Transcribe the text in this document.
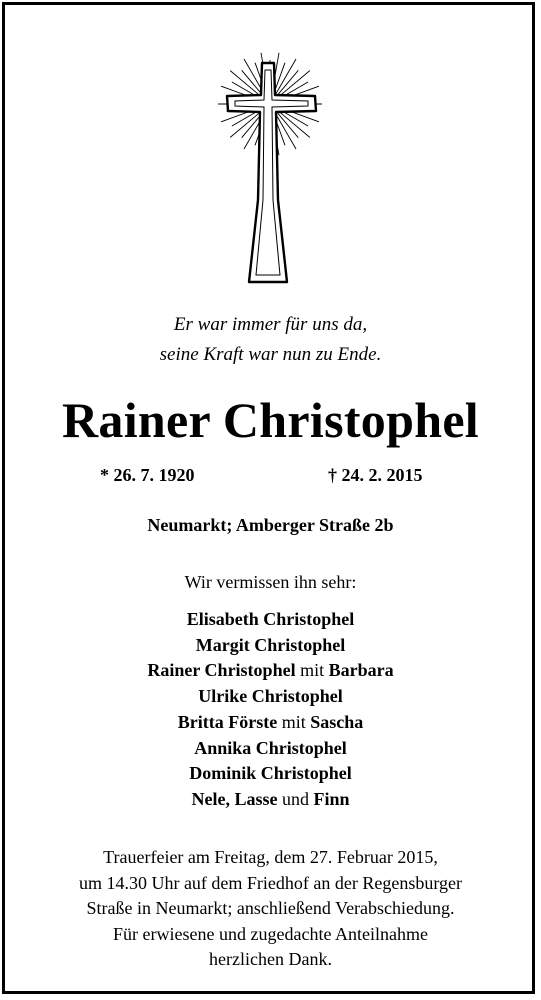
Er war immer für uns da,
seine Kraft war nun zu Ende.
Rainer Christophel
* 26. 7. 1920	† 24. 2. 2015
Neumarkt; Amberger Straße 2b
Wir vermissen ihn sehr:
Elisabeth Christophel
Margit Christophel
Rainer Christophel mit Barbara
Ulrike Christophel
Britta Förste mit Sascha
Annika Christophel
Dominik Christophel
Nele, Lasse und Finn
Trauerfeier am Freitag, dem 27. Februar 2015,
um 14.30 Uhr auf dem Friedhof an der Regensburger
Straße in Neumarkt; anschließend Verabschiedung.
Für erwiesene und zugedachte Anteilnahme
herzlichen Dank.
